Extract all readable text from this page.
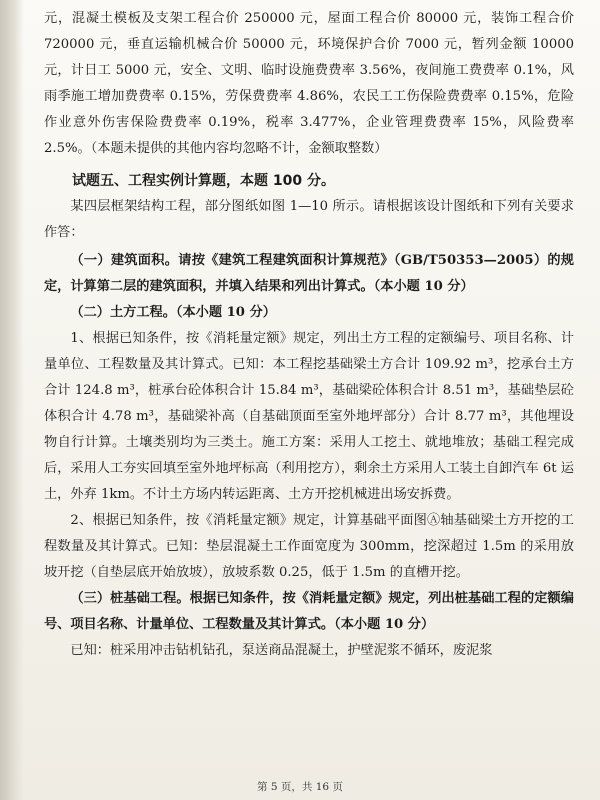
元，混凝土模板及支架工程合价 250000 元，屋面工程合价 80000 元，装饰工程合价 720000 元，垂直运输机械合价 50000 元，环境保护合价 7000 元，暂列金额 10000 元，计日工 5000 元，安全、文明、临时设施费费率 3.56%，夜间施工费费率 0.1%，风雨季施工增加费费率 0.15%，劳保费费率 4.86%，农民工工伤保险费费率 0.15%，危险作业意外伤害保险费费率 0.19%，税率 3.477%，企业管理费费率 15%，风险费率 2.5%。（本题未提供的其他内容均忽略不计，金额取整数）

试题五、工程实例计算题，本题 100 分。

某四层框架结构工程，部分图纸如图 1—10 所示。请根据该设计图纸和下列有关要求作答：

（一）建筑面积。请按《建筑工程建筑面积计算规范》（GB/T50353—2005）的规定，计算第二层的建筑面积，并填入结果和列出计算式。（本小题 10 分）

（二）土方工程。（本小题 10 分）

1、根据已知条件，按《消耗量定额》规定，列出土方工程的定额编号、项目名称、计量单位、工程数量及其计算式。已知：本工程挖基础梁土方合计 109.92 m³，挖承台土方合计 124.8 m³，桩承台砼体积合计 15.84 m³，基础梁砼体积合计 8.51 m³，基础垫层砼体积合计 4.78 m³，基础梁补高（自基础顶面至室外地坪部分）合计 8.77 m³，其他埋设物自行计算。土壤类别均为三类土。施工方案：采用人工挖土、就地堆放；基础工程完成后，采用人工夯实回填至室外地坪标高（利用挖方），剩余土方采用人工装土自卸汽车 6t 运土，外弃 1km。不计土方场内转运距离、土方开挖机械进出场安拆费。

2、根据已知条件，按《消耗量定额》规定，计算基础平面图Ⓐ轴基础梁土方开挖的工程数量及其计算式。已知：垫层混凝土工作面宽度为 300mm，挖深超过 1.5m 的采用放坡开挖（自垫层底开始放坡），放坡系数 0.25，低于 1.5m 的直槽开挖。

（三）桩基础工程。根据已知条件，按《消耗量定额》规定，列出桩基础工程的定额编号、项目名称、计量单位、工程数量及其计算式。（本小题 10 分）

已知：桩采用冲击钻机钻孔，泵送商品混凝土，护壁泥浆不循环，废泥浆

第 5 页，共 16 页
